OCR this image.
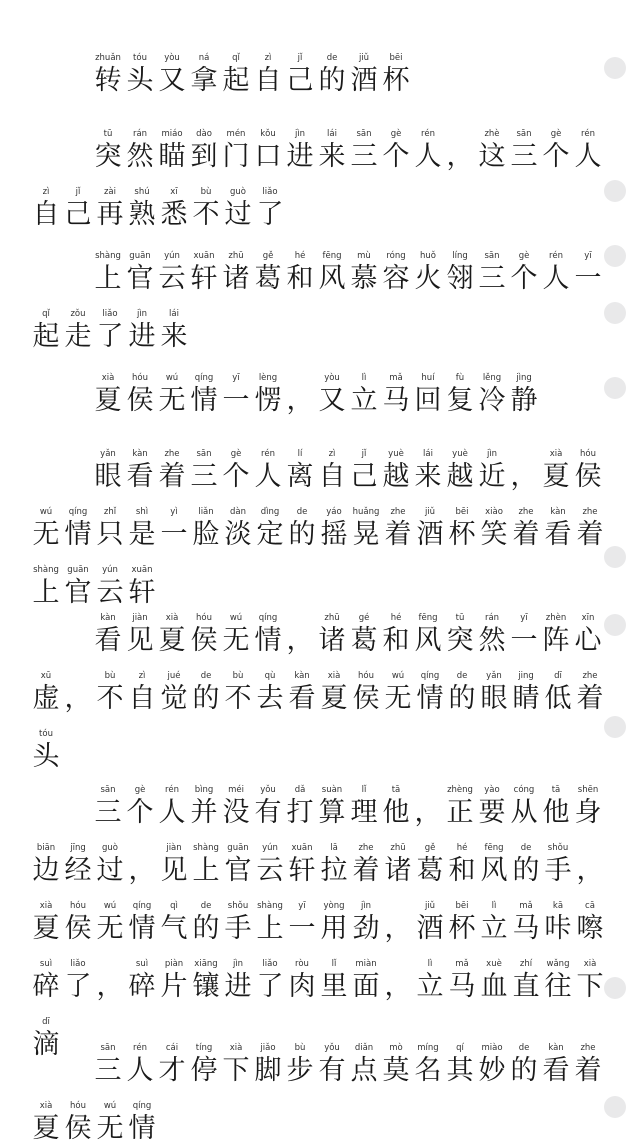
zhuǎn
转
tóu
头
yòu
又
ná
拿
qǐ
起
zì
自
jǐ
己
de
的
jiǔ
酒
bēi
杯
tū
突
rán
然
miáo
瞄
dào
到
mén
门
kǒu
口
jìn
进
lái
来
sān
三
gè
个
rén
人 ，
zhè
这
sān
三
gè
个
rén
人
zì
自
jǐ
己
zài
再
shú
熟
xī
悉
bù
不
guò
过
liǎo
了
shàng
上
guān
官
yún
云
xuān
轩
zhū
诸
gě
葛
hé
和
fēng
风
mù
慕
róng
容
huǒ
火
líng
翎
sān
三
gè
个
rén
人
yī
一
qǐ
起
zǒu
走
liǎo
了
jìn
进
lái
来
xià
夏
hóu
侯
wú
无
qíng
情
yī
一
lèng
愣 ，
yòu
又
lì
立
mǎ
马
huí
回
fù
复
lěng
冷
jìng
静
yǎn
眼
kàn
看
zhe
着
sān
三
gè
个
rén
人
lí
离
zì
自
jǐ
己
yuè
越
lái
来
yuè
越
jìn
近 ，
xià
夏
hóu
侯
wú
无
qíng
情
zhǐ
只
shì
是
yì
一
liǎn
脸
dàn
淡
dìng
定
de
的
yáo
摇
huǎng
晃
zhe
着
jiǔ
酒
bēi
杯
xiào
笑
zhe
着
kàn
看
zhe
着
shàng
上
guān
官
yún
云
xuān
轩
kàn
看
jiàn
见
xià
夏
hóu
侯
wú
无
qíng
情 ，
zhū
诸
gé
葛
hé
和
fēng
风
tū
突
rán
然
yī
一
zhèn
阵
xīn
心
xū
虚 ，
bù
不
zì
自
jué
觉
de
的
bù
不
qù
去
kàn
看
xià
夏
hóu
侯
wú
无
qíng
情
de
的
yǎn
眼
jing
睛
dī
低
zhe
着
tóu
头
sān
三
gè
个
rén
人
bìng
并
méi
没
yǒu
有
dǎ
打
suàn
算
lǐ
理
tā
他 ，
zhèng
正
yào
要
cóng
从
tā
他
shēn
身
biān
边
jīng
经
guò
过 ，
jiàn
见
shàng
上
guān
官
yún
云
xuān
轩
lā
拉
zhe
着
zhū
诸
gě
葛
hé
和
fēng
风
de
的
shǒu
手 ，
xià
夏
hóu
侯
wú
无
qíng
情
qì
气
de
的
shǒu
手
shàng
上
yī
一
yòng
用
jìn
劲 ，
jiǔ
酒
bēi
杯
lì
立
mǎ
马
kā
咔
cā
嚓
suì
碎
liǎo
了 ，
suì
碎
piàn
片
xiāng
镶
jìn
进
liǎo
了
ròu
肉
lǐ
里
miàn
面 ，
lì
立
mǎ
马
xuè
血
zhí
直
wǎng
往
xià
下
dī
滴	sān
三
rén
人
cái
才
tíng
停
xià
下
jiǎo
脚
bù
步
yǒu
有
diǎn
点
mò
莫
míng
名
qí
其
miào
妙
de
的
kàn
看
zhe
着
xià
夏
hóu
侯
wú
无
qíng
情
